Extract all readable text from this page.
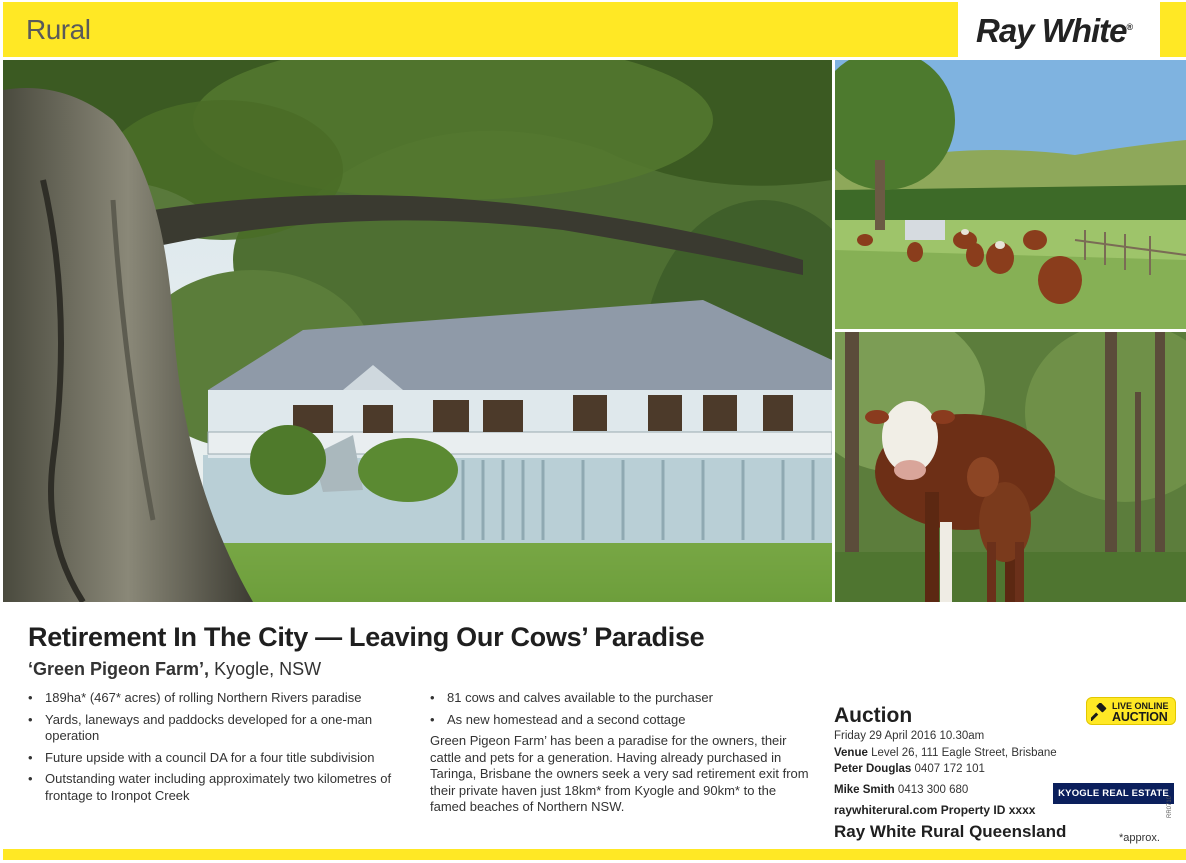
Rural	Ray White®
Retirement In The City — Leaving Our Cows’ Paradise
‘Green Pigeon Farm’, Kyogle, NSW
• 189ha* (467* acres) of rolling Northern Rivers paradise
• Yards, laneways and paddocks developed for a one-man operation
• Future upside with a council DA for a four title subdivision
• Outstanding water including approximately two kilometres of frontage to Ironpot Creek
• 81 cows and calves available to the purchaser
• As new homestead and a second cottage

Green Pigeon Farm’ has been a paradise for the owners, their cattle and pets for a generation. Having already purchased in Taringa, Brisbane the owners seek a very sad retirement exit from their private haven just 18km* from Kyogle and 90km* to the famed beaches of Northern NSW.

LIVE ONLINE
AUCTION
Auction
Friday 29 April 2016 10.30am
Venue Level 26, 111 Eagle Street, Brisbane
Peter Douglas 0407 172 101
Mike Smith 0413 300 680
raywhiterural.com Property ID xxxx
Ray White Rural Queensland
KYOGLE REAL ESTATE
*approx.
RR0710
